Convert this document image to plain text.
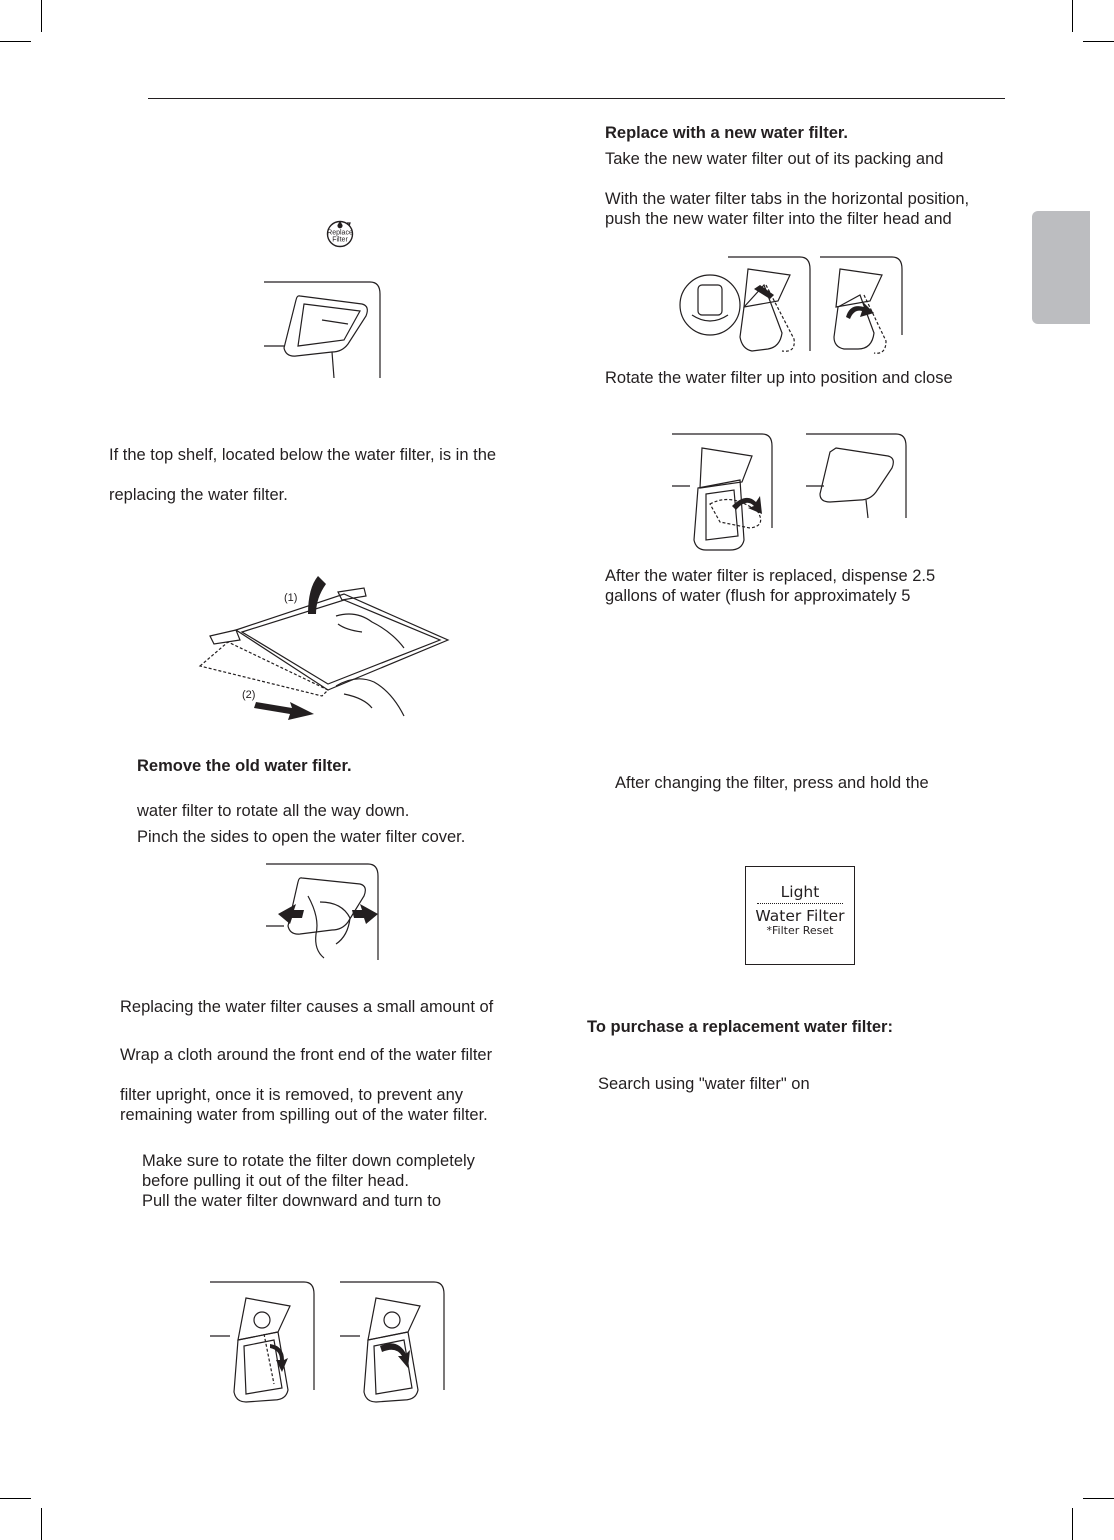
Replace
Filter
If the top shelf, located below the water filter, is in the
replacing the water filter.
(1)
(2)
Remove the old water filter.
water filter to rotate all the way down.
Pinch the sides to open the water filter cover.
Replacing the water filter causes a small amount of
Wrap a cloth around the front end of the water filter
filter upright, once it is removed, to prevent any
remaining water from spilling out of the water filter.
Make sure to rotate the filter down completely
before pulling it out of the filter head.
Pull the water filter downward and turn to
Replace with a new water filter.
Take the new water filter out of its packing and
With the water filter tabs in the horizontal position,
push the new water filter into the filter head and
Rotate the water filter up into position and close
After the water filter is replaced, dispense 2.5
gallons of water (flush for approximately 5
After changing the filter, press and hold the
Light
Water Filter
*Filter Reset
To purchase a replacement water filter:
Search using "water filter" on
